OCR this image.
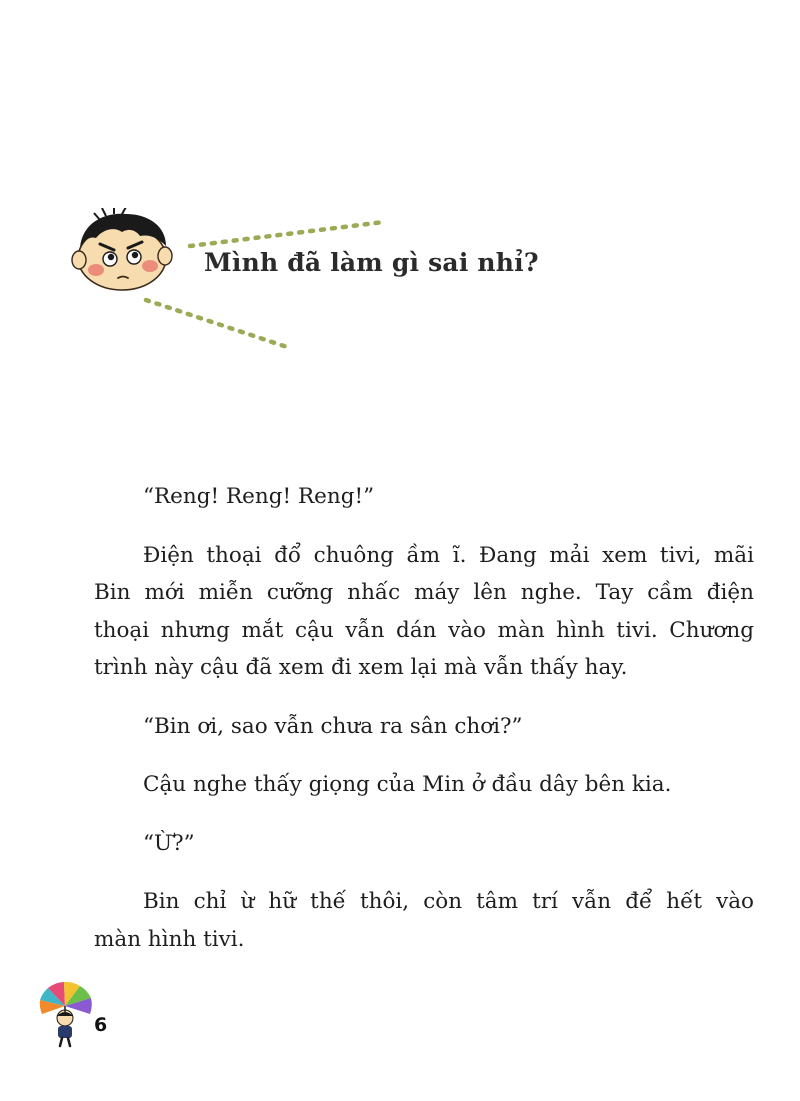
Mình đã làm gì sai nhỉ?
“Reng! Reng! Reng!”
Điện thoại đổ chuông ầm ĩ. Đang mải xem tivi, mãi
Bin mới miễn cưỡng nhấc máy lên nghe. Tay cầm điện
thoại nhưng mắt cậu vẫn dán vào màn hình tivi. Chương
trình này cậu đã xem đi xem lại mà vẫn thấy hay.
“Bin ơi, sao vẫn chưa ra sân chơi?”
Cậu nghe thấy giọng của Min ở đầu dây bên kia.
“Ừ?”
Bin chỉ ừ hữ thế thôi, còn tâm trí vẫn để hết vào
màn hình tivi.
6
